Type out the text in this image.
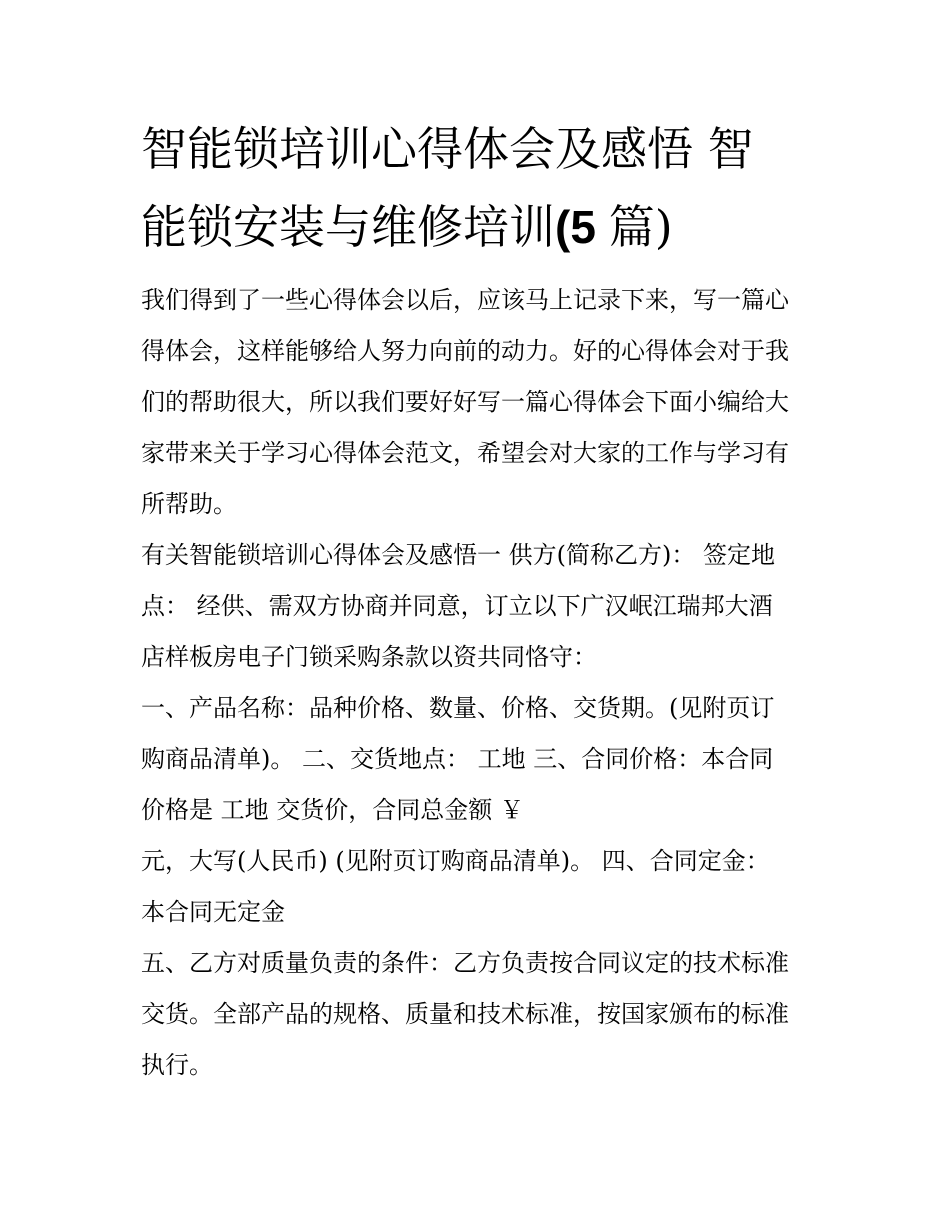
智能锁培训心得体会及感悟 智
能锁安装与维修培训(5 篇)

我们得到了一些心得体会以后，应该马上记录下来，写一篇心
得体会，这样能够给人努力向前的动力。好的心得体会对于我
们的帮助很大，所以我们要好好写一篇心得体会下面小编给大
家带来关于学习心得体会范文，希望会对大家的工作与学习有
所帮助。

有关智能锁培训心得体会及感悟一 供方(简称乙方)： 签定地
点： 经供、需双方协商并同意，订立以下广汉岷江瑞邦大酒
店样板房电子门锁采购条款以资共同恪守：

一、产品名称：品种价格、数量、价格、交货期。(见附页订
购商品清单)。 二、交货地点： 工地 三、合同价格：本合同
价格是 工地 交货价，合同总金额 ￥
元，大写(人民币) (见附页订购商品清单)。 四、合同定金：
本合同无定金

五、乙方对质量负责的条件：乙方负责按合同议定的技术标准
交货。全部产品的规格、质量和技术标准，按国家颁布的标准
执行。
